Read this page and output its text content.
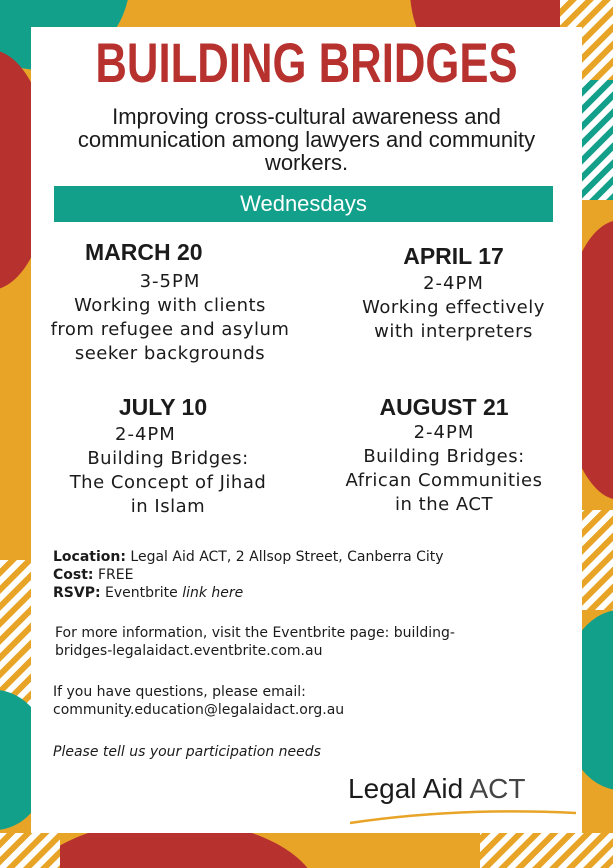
BUILDING BRIDGES
Improving cross-cultural awareness and communication among lawyers and community workers.
Wednesdays
MARCH 20
3-5PM
Working with clients
from refugee and asylum
seeker backgrounds
APRIL 17
2-4PM
Working effectively
with interpreters
JULY 10
2-4PM
Building Bridges:
The Concept of Jihad
in Islam
AUGUST 21
2-4PM
Building Bridges:
African Communities
in the ACT
Location: Legal Aid ACT, 2 Allsop Street, Canberra City
Cost: FREE
RSVP: Eventbrite link here
For more information, visit the Eventbrite page: building-
bridges-legalaidact.eventbrite.com.au
If you have questions, please email:
community.education@legalaidact.org.au
Please tell us your participation needs
Legal Aid ACT
